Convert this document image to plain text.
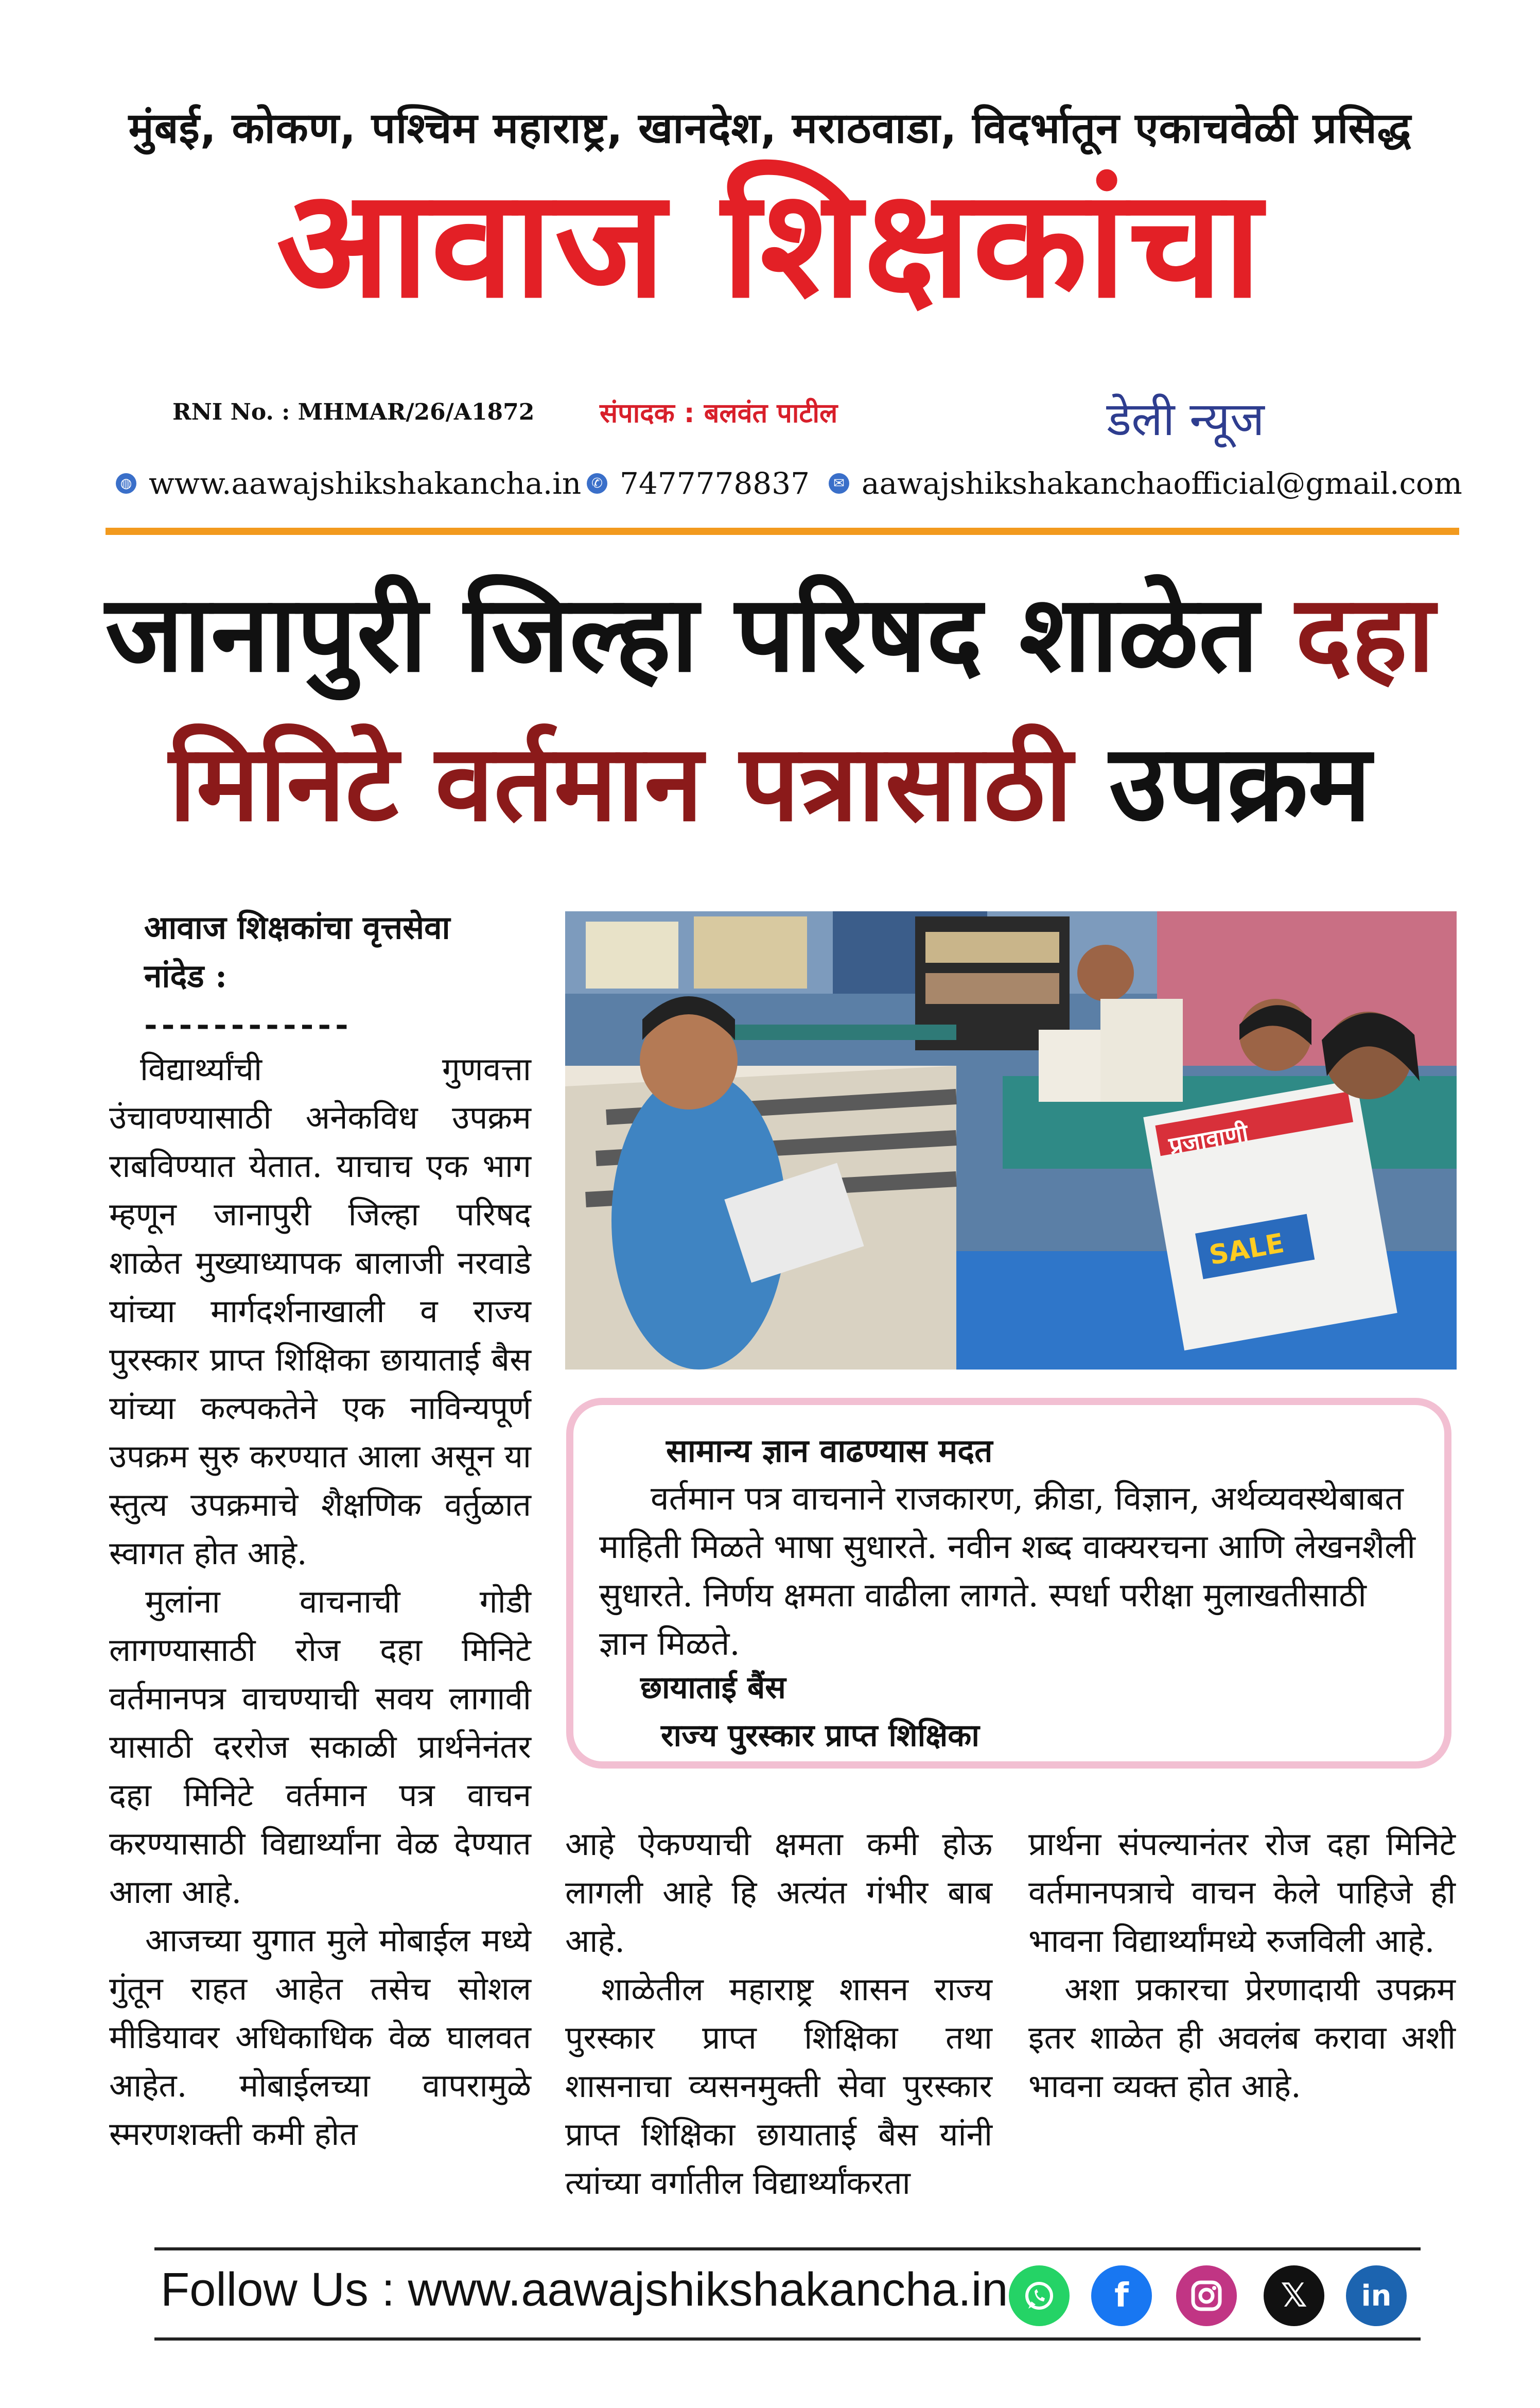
मुंबई, कोकण, पश्चिम महाराष्ट्र, खानदेश, मराठवाडा, विदर्भातून एकाचवेळी प्रसिद्ध
आवाज शिक्षकांचा
RNI No. : MHMAR/26/A1872 संपादक : बलवंत पाटील	डेली न्यूज
◍ www.aawajshikshakancha.in ✆ 7477778837	✉ aawajshikshakanchaofficial@gmail.com
जानापुरी जिल्हा परिषद शाळेत दहा
मिनिटे वर्तमान पत्रासाठी उपक्रम
आवाज शिक्षकांचा वृत्तसेवा
नांदेड :
------------

विद्यार्थ्यांची गुणवत्ता उंचावण्यासाठी अनेकविध उपक्रम राबविण्यात येतात. याचाच एक भाग म्हणून जानापुरी जिल्हा परिषद शाळेत मुख्याध्यापक बालाजी नरवाडे यांच्या मार्गदर्शनाखाली व राज्य पुरस्कार प्राप्त शिक्षिका छायाताई बैस यांच्या कल्पकतेने एक नाविन्यपूर्ण उपक्रम सुरु करण्यात आला असून या स्तुत्य उपक्रमाचे शैक्षणिक वर्तुळात स्वागत होत आहे.

मुलांना वाचनाची गोडी लागण्यासाठी रोज दहा मिनिटे वर्तमानपत्र वाचण्याची सवय लागावी यासाठी दररोज सकाळी प्रार्थनेनंतर दहा मिनिटे वर्तमान पत्र वाचन करण्यासाठी विद्यार्थ्यांना वेळ देण्यात आला आहे.

आजच्या युगात मुले मोबाईल मध्ये गुंतून राहत आहेत तसेच सोशल मीडियावर अधिकाधिक वेळ घालवत आहेत. मोबाईलच्या वापरामुळे स्मरणशक्ती कमी होत

प्रजावाणी
SALE
सामान्य ज्ञान वाढण्यास मदत
वर्तमान पत्र वाचनाने राजकारण, क्रीडा, विज्ञान, अर्थव्यवस्थेबाबत माहिती मिळते भाषा सुधारते. नवीन शब्द वाक्यरचना आणि लेखनशैली सुधारते. निर्णय क्षमता वाढीला लागते. स्पर्धा परीक्षा मुलाखतीसाठी ज्ञान मिळते.
छायाताई बैंस
राज्य पुरस्कार प्राप्त शिक्षिका

आहे ऐकण्याची क्षमता कमी होऊ लागली आहे हि अत्यंत गंभीर बाब आहे.

शाळेतील महाराष्ट्र शासन राज्य पुरस्कार प्राप्त शिक्षिका तथा शासनाचा व्यसनमुक्ती सेवा पुरस्कार प्राप्त शिक्षिका छायाताई बैस यांनी त्यांच्या वर्गातील विद्यार्थ्यांकरता

प्रार्थना संपल्यानंतर रोज दहा मिनिटे वर्तमानपत्राचे वाचन केले पाहिजे ही भावना विद्यार्थ्यांमध्ये रुजविली आहे.

अशा प्रकारचा प्रेरणादायी उपक्रम इतर शाळेत ही अवलंब करावा अशी भावना व्यक्त होत आहे.

Follow Us : www.aawajshikshakancha.in	f	𝕏	in
